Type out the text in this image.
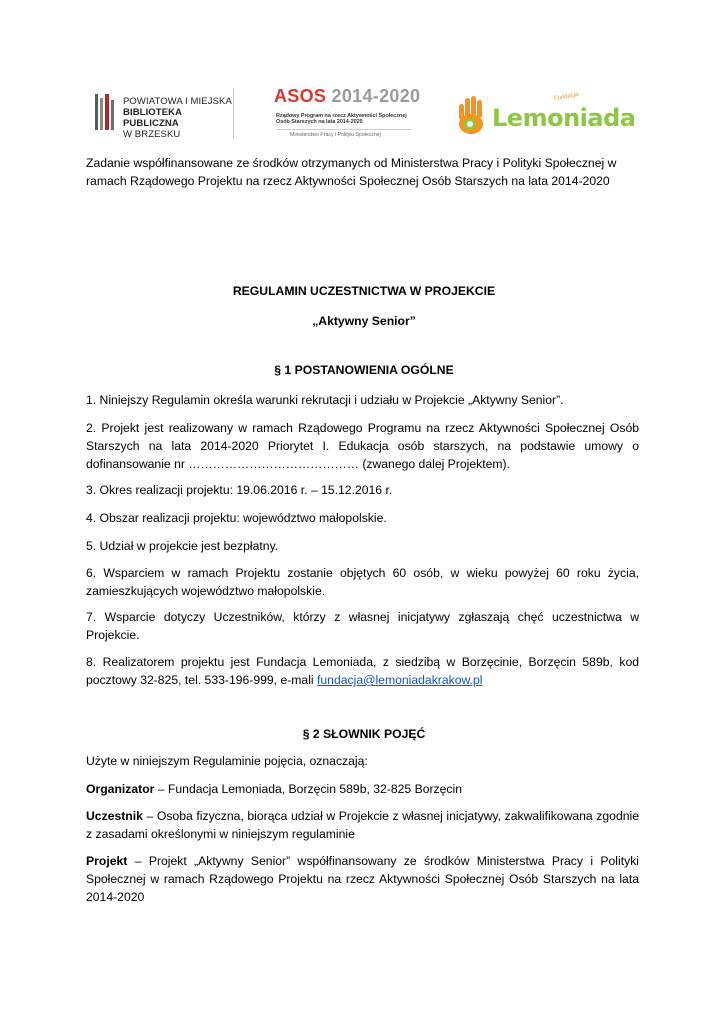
POWIATOWA I MIEJSKA
BIBLIOTEKA PUBLICZNA
W BRZESKU
ASOS 2014-2020
Rządowy Program na rzecz Aktywności Społecznej
Osób Starszych na lata 2014-2020
Ministerstwo Pracy i Polityki Społecznej
Fundacja
Lemoniada
Zadanie współfinansowane ze środków otrzymanych od Ministerstwa Pracy i Polityki Społecznej w
ramach Rządowego Projektu na rzecz Aktywności Społecznej Osób Starszych na lata 2014-2020
REGULAMIN UCZESTNICTWA W PROJEKCIE
„Aktywny Senior”
§ 1 POSTANOWIENIA OGÓLNE
1. Niniejszy Regulamin określa warunki rekrutacji i udziału w Projekcie „Aktywny Senior”.
2. Projekt jest realizowany w ramach Rządowego Programu na rzecz Aktywności Społecznej Osób Starszych na lata 2014-2020 Priorytet I. Edukacja osób starszych, na podstawie umowy o dofinansowanie nr …………………………………… (zwanego dalej Projektem).
3. Okres realizacji projektu: 19.06.2016 r. – 15.12.2016 r.
4. Obszar realizacji projektu: województwo małopolskie.
5. Udział w projekcie jest bezpłatny.
6. Wsparciem w ramach Projektu zostanie objętych 60 osób, w wieku powyżej 60 roku życia, zamieszkujących województwo małopolskie.
7. Wsparcie dotyczy Uczestników, którzy z własnej inicjatywy zgłaszają chęć uczestnictwa w Projekcie.
8. Realizatorem projektu jest Fundacja Lemoniada, z siedzibą w Borzęcinie, Borzęcin 589b, kod pocztowy 32-825, tel. 533-196-999, e-mali fundacja@lemoniadakrakow.pl
§ 2 SŁOWNIK POJĘĆ
Użyte w niniejszym Regulaminie pojęcia, oznaczają:
Organizator – Fundacja Lemoniada, Borzęcin 589b, 32-825 Borzęcin
Uczestnik – Osoba fizyczna, biorąca udział w Projekcie z własnej inicjatywy, zakwalifikowana zgodnie z zasadami określonymi w niniejszym regulaminie
Projekt – Projekt „Aktywny Senior” współfinansowany ze środków Ministerstwa Pracy i Polityki Społecznej w ramach Rządowego Projektu na rzecz Aktywności Społecznej Osób Starszych na lata 2014-2020
